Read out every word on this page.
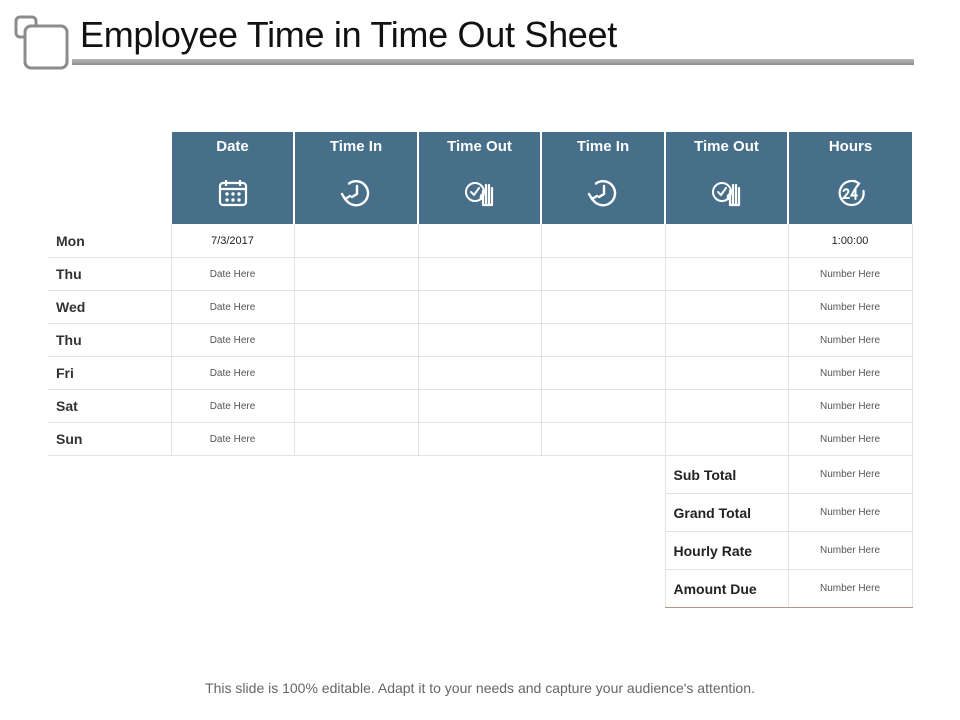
Employee Time in Time Out Sheet

	Date	Time In	Time Out	Time In	Time Out	Hours

Mon	7/3/2017					1:00:00
Thu	Date Here					Number Here
Wed	Date Here					Number Here
Thu	Date Here					Number Here
Fri	Date Here					Number Here
Sat	Date Here					Number Here
Sun	Date Here					Number Here
					Sub Total	Number Here
					Grand Total	Number Here
					Hourly Rate	Number Here
					Amount Due	Number Here
This slide is 100% editable. Adapt it to your needs and capture your audience's attention.
